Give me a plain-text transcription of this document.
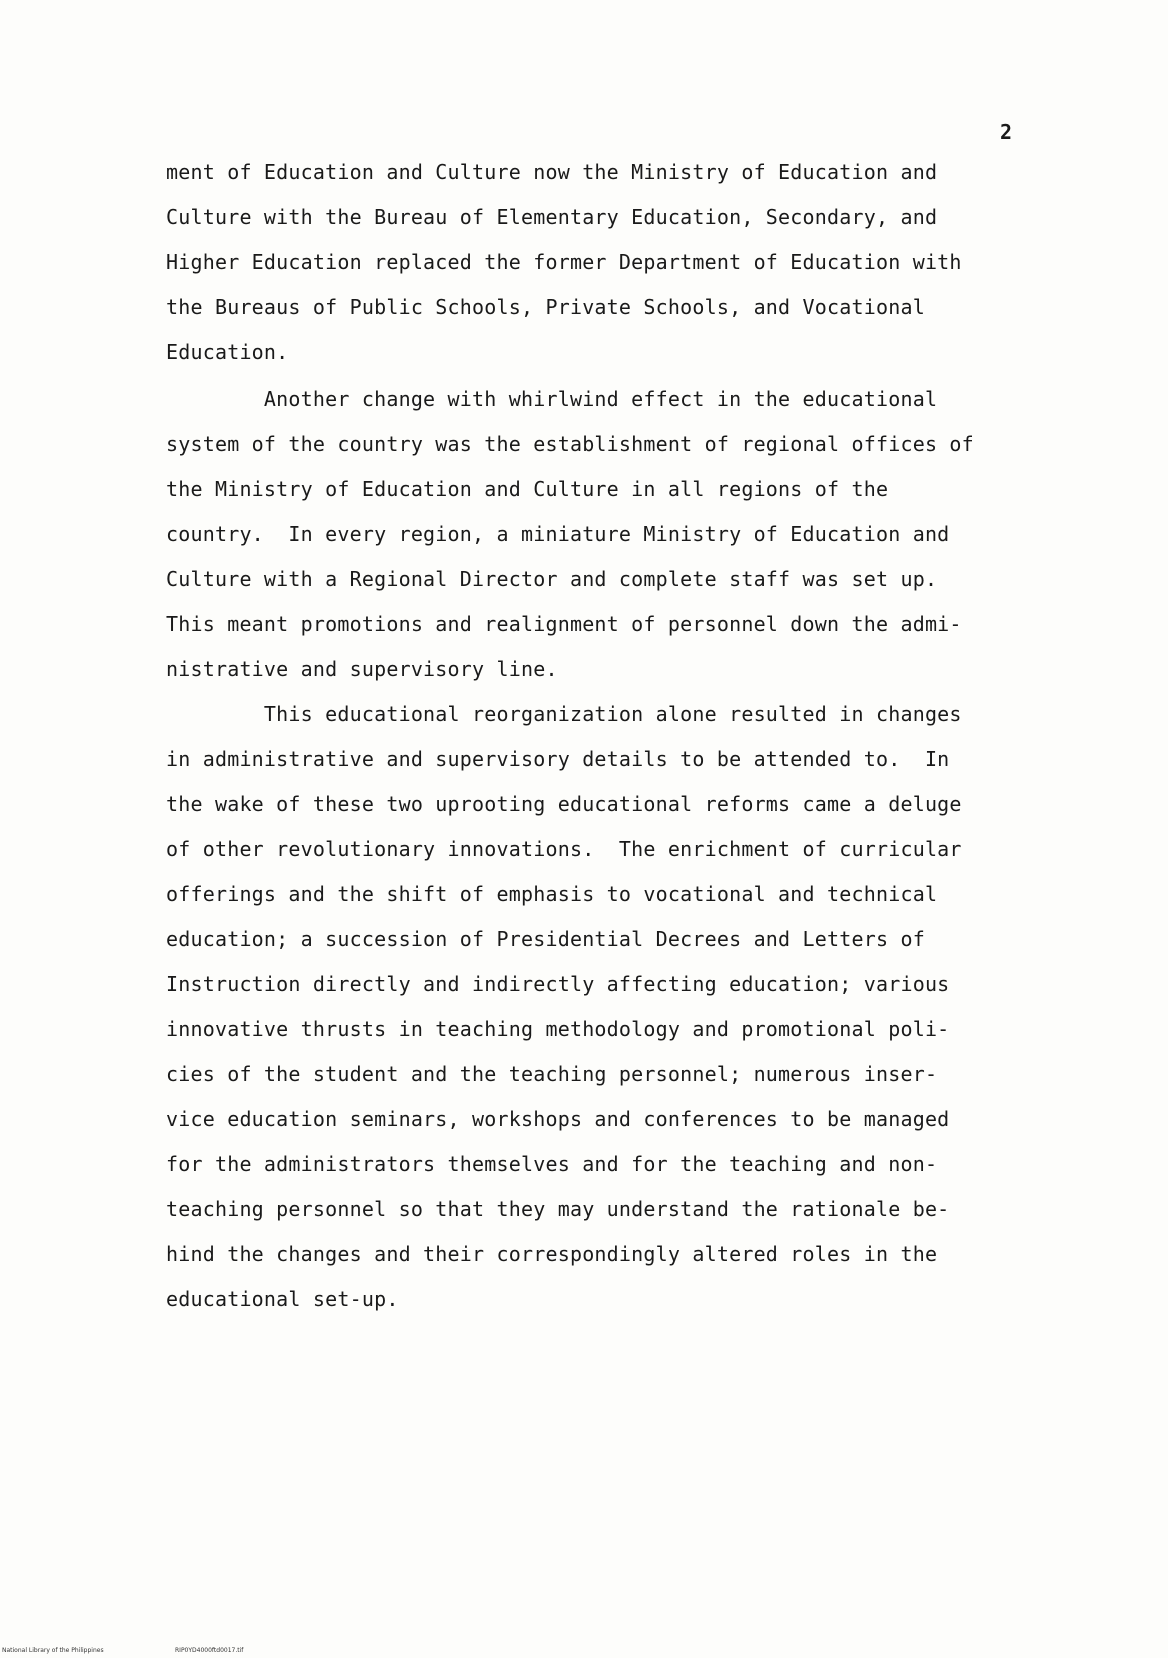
2
ment of Education and Culture now the Ministry of Education and
Culture with the Bureau of Elementary Education, Secondary, and
Higher Education replaced the former Department of Education with
the Bureaus of Public Schools, Private Schools, and Vocational
Education.
Another change with whirlwind effect in the educational
system of the country was the establishment of regional offices of
the Ministry of Education and Culture in all regions of the
country.  In every region, a miniature Ministry of Education and
Culture with a Regional Director and complete staff was set up.
This meant promotions and realignment of personnel down the admi-
nistrative and supervisory line.
This educational reorganization alone resulted in changes
in administrative and supervisory details to be attended to.  In
the wake of these two uprooting educational reforms came a deluge
of other revolutionary innovations.  The enrichment of curricular
offerings and the shift of emphasis to vocational and technical
education; a succession of Presidential Decrees and Letters of
Instruction directly and indirectly affecting education; various
innovative thrusts in teaching methodology and promotional poli-
cies of the student and the teaching personnel; numerous inser-
vice education seminars, workshops and conferences to be managed
for the administrators themselves and for the teaching and non-
teaching personnel so that they may understand the rationale be-
hind the changes and their correspondingly altered roles in the
educational set-up.
National Library of the Philippines	RIP0YD4000ftd0017.tif
